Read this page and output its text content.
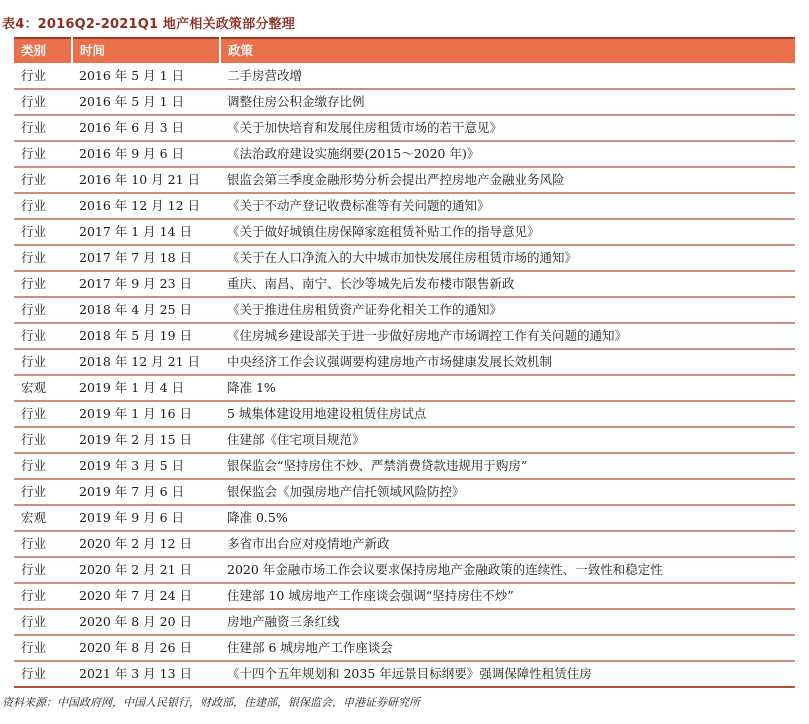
表4：2016Q2-2021Q1 地产相关政策部分整理
类别	时间	政策
行业	2016 年 5 月 1 日	二手房营改增
行业	2016 年 5 月 1 日	调整住房公积金缴存比例
行业	2016 年 6 月 3 日	《关于加快培育和发展住房租赁市场的若干意见》
行业	2016 年 9 月 6 日	《法治政府建设实施纲要(2015～2020 年)》
行业	2016 年 10 月 21 日	银监会第三季度金融形势分析会提出严控房地产金融业务风险
行业	2016 年 12 月 12 日	《关于不动产登记收费标准等有关问题的通知》
行业	2017 年 1 月 14 日	《关于做好城镇住房保障家庭租赁补贴工作的指导意见》
行业	2017 年 7 月 18 日	《关于在人口净流入的大中城市加快发展住房租赁市场的通知》
行业	2017 年 9 月 23 日	重庆、南昌、南宁、长沙等城先后发布楼市限售新政
行业	2018 年 4 月 25 日	《关于推进住房租赁资产证券化相关工作的通知》
行业	2018 年 5 月 19 日	《住房城乡建设部关于进一步做好房地产市场调控工作有关问题的通知》
行业	2018 年 12 月 21 日	中央经济工作会议强调要构建房地产市场健康发展长效机制
宏观	2019 年 1 月 4 日	降准 1%
行业	2019 年 1 月 16 日	5 城集体建设用地建设租赁住房试点
行业	2019 年 2 月 15 日	住建部《住宅项目规范》
行业	2019 年 3 月 5 日	银保监会“坚持房住不炒、严禁消费贷款违规用于购房”
行业	2019 年 7 月 6 日	银保监会《加强房地产信托领域风险防控》
宏观	2019 年 9 月 6 日	降准 0.5%
行业	2020 年 2 月 12 日	多省市出台应对疫情地产新政
行业	2020 年 2 月 21 日	2020 年金融市场工作会议要求保持房地产金融政策的连续性、一致性和稳定性
行业	2020 年 7 月 24 日	住建部 10 城房地产工作座谈会强调“坚持房住不炒”
行业	2020 年 8 月 20 日	房地产融资三条红线
行业	2020 年 8 月 26 日	住建部 6 城房地产工作座谈会
行业	2021 年 3 月 13 日	《十四个五年规划和 2035 年远景目标纲要》强调保障性租赁住房
资料来源：中国政府网，中国人民银行，财政部，住建部，银保监会，申港证券研究所
